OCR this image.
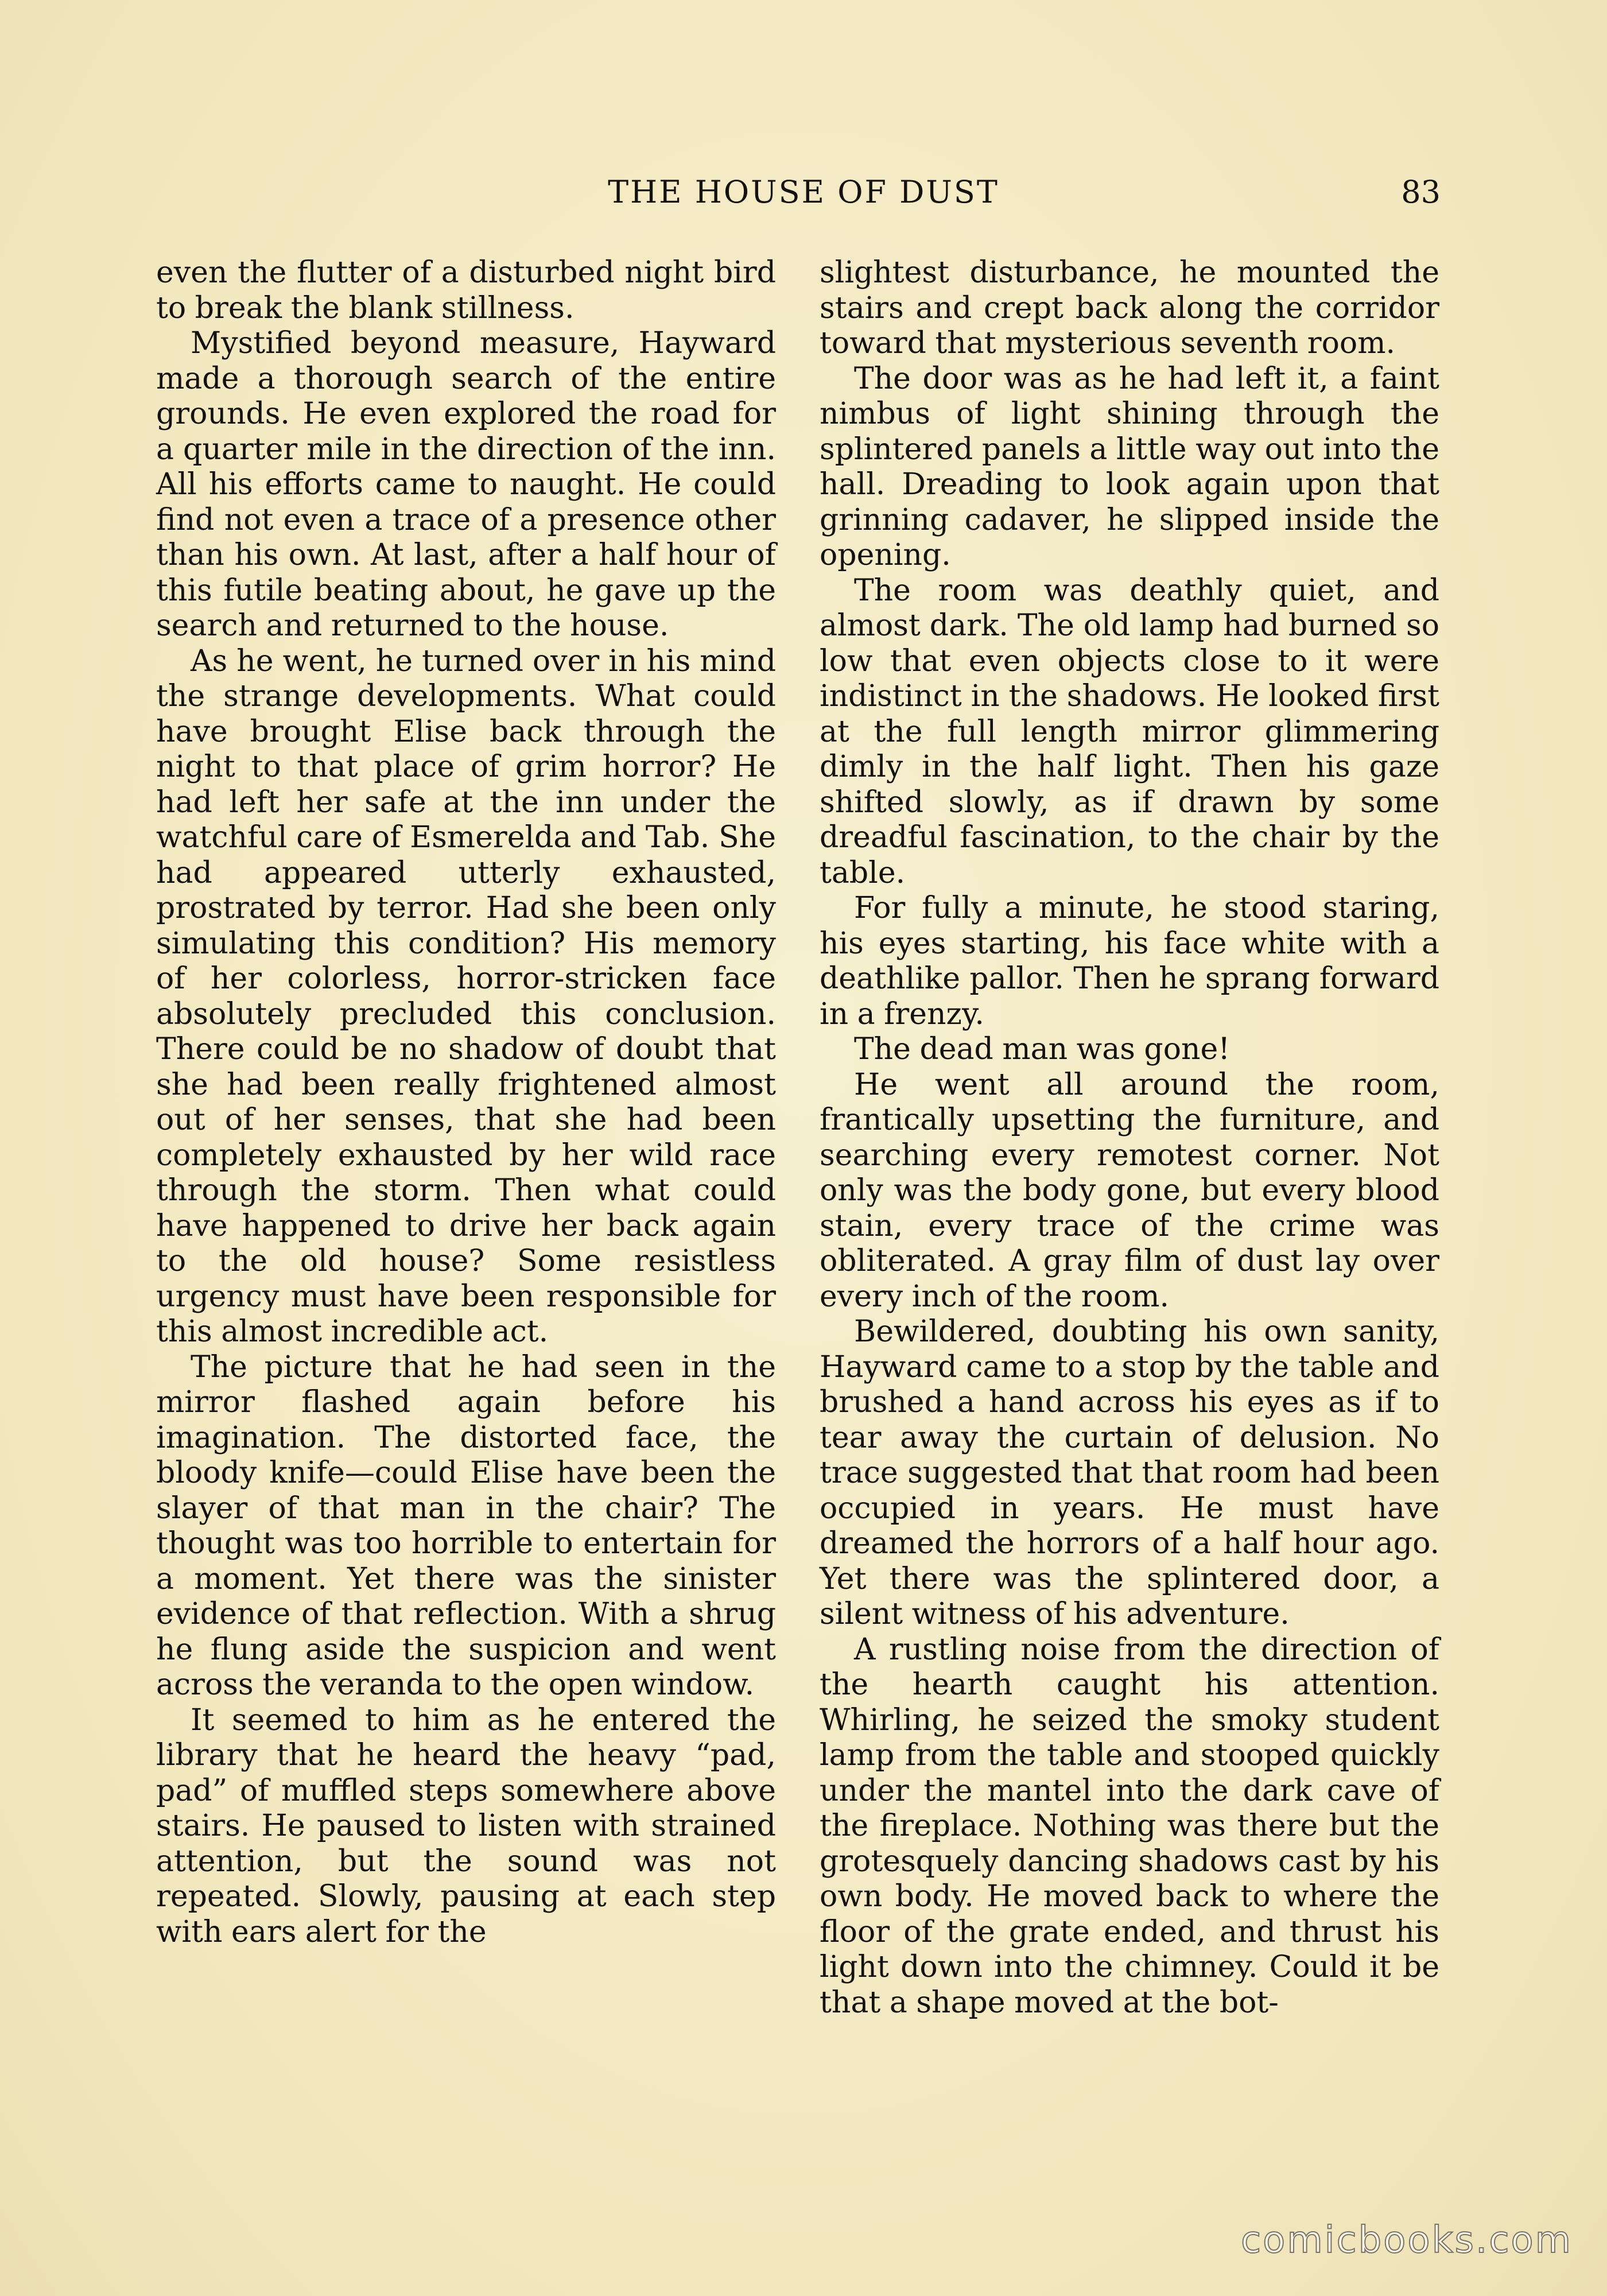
THE HOUSE OF DUST	83

even the flutter of a disturbed night bird to break the blank stillness.

Mystified beyond measure, Hayward made a thorough search of the entire grounds. He even explored the road for a quarter mile in the direction of the inn. All his efforts came to naught. He could find not even a trace of a presence other than his own. At last, after a half hour of this futile beating about, he gave up the search and returned to the house.

As he went, he turned over in his mind the strange developments. What could have brought Elise back through the night to that place of grim horror? He had left her safe at the inn under the watchful care of Esmerelda and Tab. She had appeared utterly exhausted, prostrated by terror. Had she been only simulating this condition? His memory of her colorless, horror-stricken face absolutely precluded this conclusion. There could be no shadow of doubt that she had been really frightened almost out of her senses, that she had been completely exhausted by her wild race through the storm. Then what could have happened to drive her back again to the old house? Some resistless urgency must have been responsible for this almost incredible act.

The picture that he had seen in the mirror flashed again before his imagination. The distorted face, the bloody knife—could Elise have been the slayer of that man in the chair? The thought was too horrible to entertain for a moment. Yet there was the sinister evidence of that reflection. With a shrug he flung aside the suspicion and went across the veranda to the open window.

It seemed to him as he entered the library that he heard the heavy “pad, pad” of muffled steps somewhere above stairs. He paused to listen with strained attention, but the sound was not repeated. Slowly, pausing at each step with ears alert for the

slightest disturbance, he mounted the stairs and crept back along the corridor toward that mysterious seventh room.

The door was as he had left it, a faint nimbus of light shining through the splintered panels a little way out into the hall. Dreading to look again upon that grinning cadaver, he slipped inside the opening.

The room was deathly quiet, and almost dark. The old lamp had burned so low that even objects close to it were indistinct in the shadows. He looked first at the full length mirror glimmering dimly in the half light. Then his gaze shifted slowly, as if drawn by some dreadful fascination, to the chair by the table.

For fully a minute, he stood staring, his eyes starting, his face white with a deathlike pallor. Then he sprang forward in a frenzy.

The dead man was gone!

He went all around the room, frantically upsetting the furniture, and searching every remotest corner. Not only was the body gone, but every blood stain, every trace of the crime was obliterated. A gray film of dust lay over every inch of the room.

Bewildered, doubting his own sanity, Hayward came to a stop by the table and brushed a hand across his eyes as if to tear away the curtain of delusion. No trace suggested that that room had been occupied in years. He must have dreamed the horrors of a half hour ago. Yet there was the splintered door, a silent witness of his adventure.

A rustling noise from the direction of the hearth caught his attention. Whirling, he seized the smoky student lamp from the table and stooped quickly under the mantel into the dark cave of the fireplace. Nothing was there but the grotesquely dancing shadows cast by his own body. He moved back to where the floor of the grate ended, and thrust his light down into the chimney. Could it be that a shape moved at the bot-

comicbooks.com
